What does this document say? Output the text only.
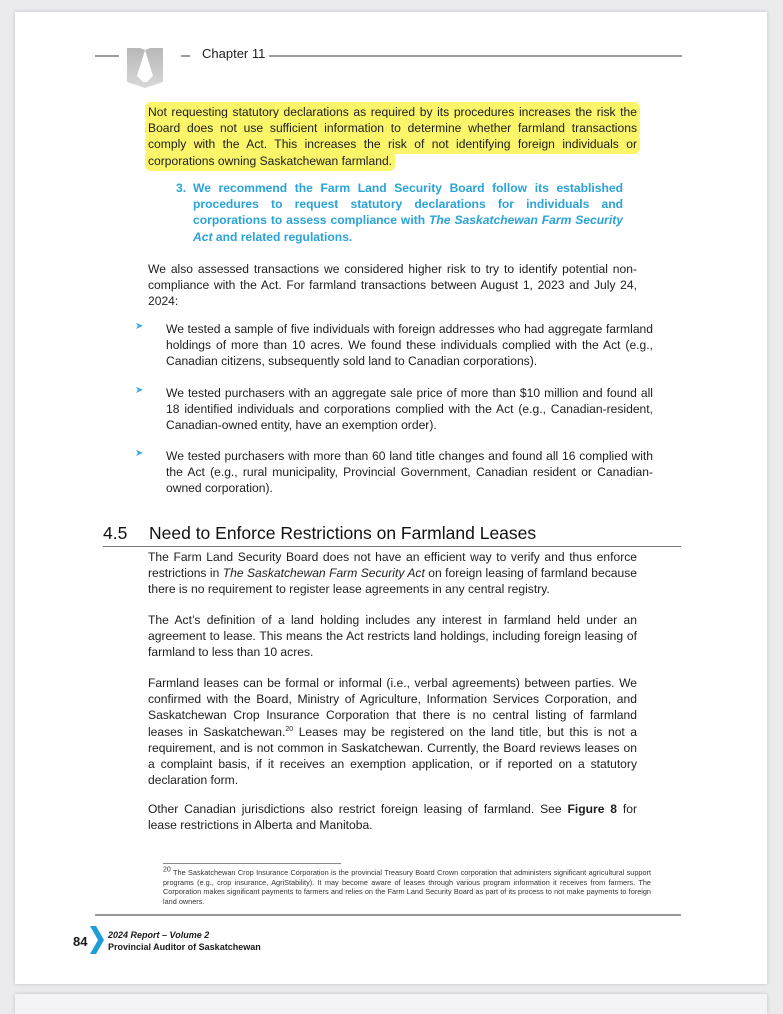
Chapter 11
Not requesting statutory declarations as required by its procedures increases the risk the Board does not use sufficient information to determine whether farmland transactions comply with the Act. This increases the risk of not identifying foreign individuals or corporations owning Saskatchewan farmland.
3. We recommend the Farm Land Security Board follow its established procedures to request statutory declarations for individuals and corporations to assess compliance with The Saskatchewan Farm Security Act and related regulations.
We also assessed transactions we considered higher risk to try to identify potential non-compliance with the Act. For farmland transactions between August 1, 2023 and July 24, 2024:
➤ We tested a sample of five individuals with foreign addresses who had aggregate farmland holdings of more than 10 acres. We found these individuals complied with the Act (e.g., Canadian citizens, subsequently sold land to Canadian corporations).
➤ We tested purchasers with an aggregate sale price of more than $10 million and found all 18 identified individuals and corporations complied with the Act (e.g., Canadian-resident, Canadian-owned entity, have an exemption order).
➤ We tested purchasers with more than 60 land title changes and found all 16 complied with the Act (e.g., rural municipality, Provincial Government, Canadian resident or Canadian-owned corporation).
4.5 Need to Enforce Restrictions on Farmland Leases
The Farm Land Security Board does not have an efficient way to verify and thus enforce restrictions in The Saskatchewan Farm Security Act on foreign leasing of farmland because there is no requirement to register lease agreements in any central registry.
The Act’s definition of a land holding includes any interest in farmland held under an agreement to lease. This means the Act restricts land holdings, including foreign leasing of farmland to less than 10 acres.
Farmland leases can be formal or informal (i.e., verbal agreements) between parties. We confirmed with the Board, Ministry of Agriculture, Information Services Corporation, and Saskatchewan Crop Insurance Corporation that there is no central listing of farmland leases in Saskatchewan.$^{20}$ Leases may be registered on the land title, but this is not a requirement, and is not common in Saskatchewan. Currently, the Board reviews leases on a complaint basis, if it receives an exemption application, or if reported on a statutory declaration form.
Other Canadian jurisdictions also restrict foreign leasing of farmland. See Figure 8 for lease restrictions in Alberta and Manitoba.
$^{20}$ The Saskatchewan Crop Insurance Corporation is the provincial Treasury Board Crown corporation that administers significant agricultural support programs (e.g., crop insurance, AgriStability). It may become aware of leases through various program information it receives from farmers. The Corporation makes significant payments to farmers and relies on the Farm Land Security Board as part of its process to not make payments to foreign land owners.
84 2024 Report – Volume 2
Provincial Auditor of Saskatchewan
